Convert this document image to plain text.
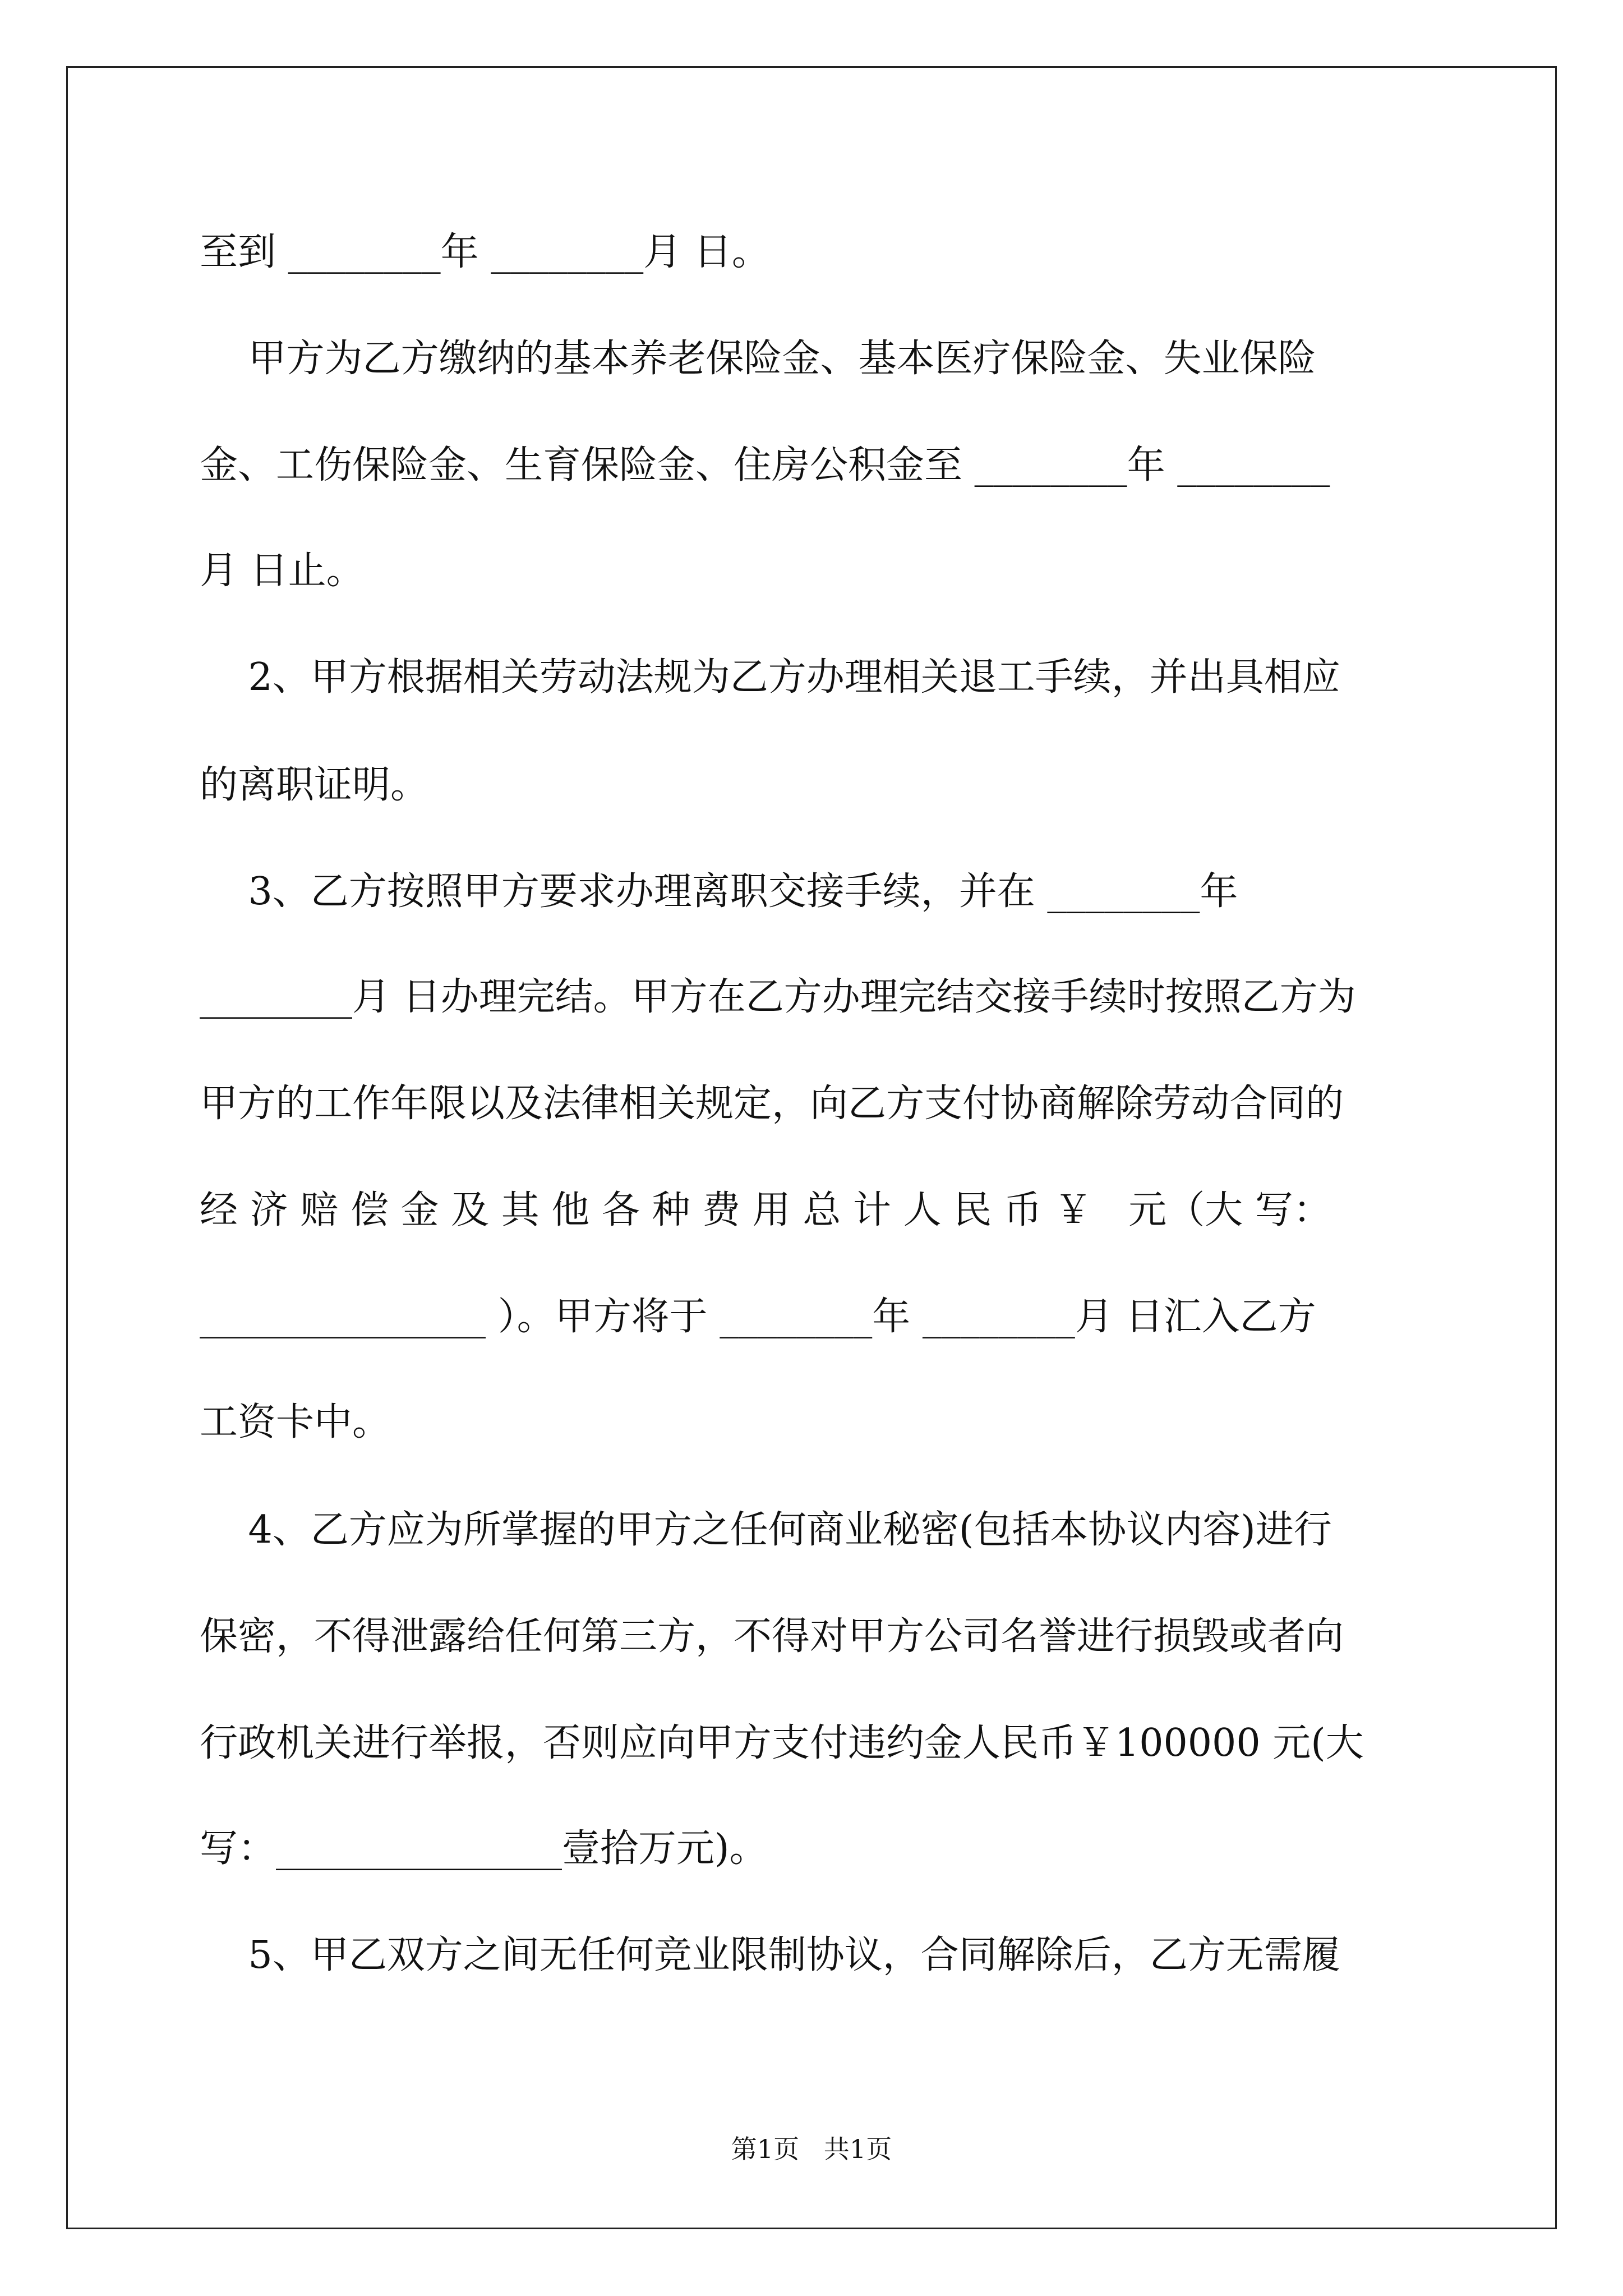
至到 ________年 ________月 日。
甲方为乙方缴纳的基本养老保险金、基本医疗保险金、失业保险
金、工伤保险金、生育保险金、住房公积金至 ________年 ________
月 日止。
2、甲方根据相关劳动法规为乙方办理相关退工手续，并出具相应
的离职证明。
3、乙方按照甲方要求办理离职交接手续，并在 ________年
________月 日办理完结。甲方在乙方办理完结交接手续时按照乙方为
甲方的工作年限以及法律相关规定，向乙方支付协商解除劳动合同的
经 济 赔 偿 金 及 其 他 各 种 费 用 总 计 人 民 币 ￥   元（大 写：
_______________ ）。甲方将于 ________年 ________月 日汇入乙方
工资卡中。
4、乙方应为所掌握的甲方之任何商业秘密(包括本协议内容)进行
保密，不得泄露给任何第三方，不得对甲方公司名誉进行损毁或者向
行政机关进行举报，否则应向甲方支付违约金人民币￥100000 元(大
写：_______________壹拾万元)。
5、甲乙双方之间无任何竞业限制协议，合同解除后，乙方无需履
第1页   共1页
